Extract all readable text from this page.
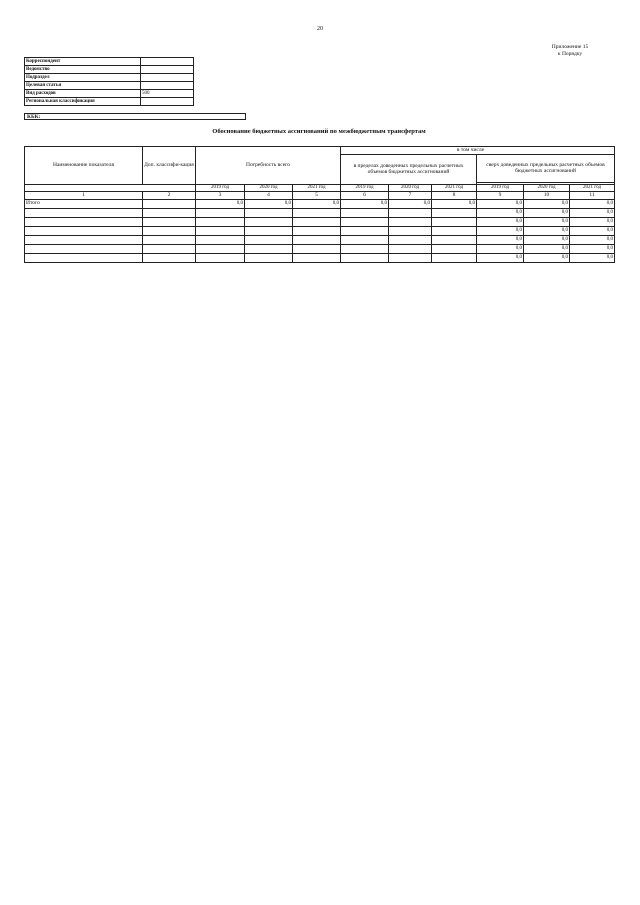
20
Приложение 15
к Порядку
Корреспондент	
Ведомство	
Подраздел	
Целевая статья	
Вид расходов	500
Региональная классификация	
КБК:
Обоснование бюджетных ассигнований по межбюджетным трансфертам
Наименование показателя	Доп. классифи-кация	Потребность всего			в том числе					
					в пределах доведенных предельных расчетных объемов бюджетных ассигнований			сверх доведенных предельных расчетных объемов бюджетных ассигнований		

		2019 год	2020 год	2021 год	2019 год	2020 год	2021 год	2019 год	2020 год	2021 год
1	2	3	4	5	6	7	8	9	10	11
Итого		0,0	0,0	0,0	0,0	0,0	0,0	0,0	0,0	0,0
								0,0	0,0	0,0
								0,0	0,0	0,0
								0,0	0,0	0,0
								0,0	0,0	0,0
								0,0	0,0	0,0
								0,0	0,0	0,0
